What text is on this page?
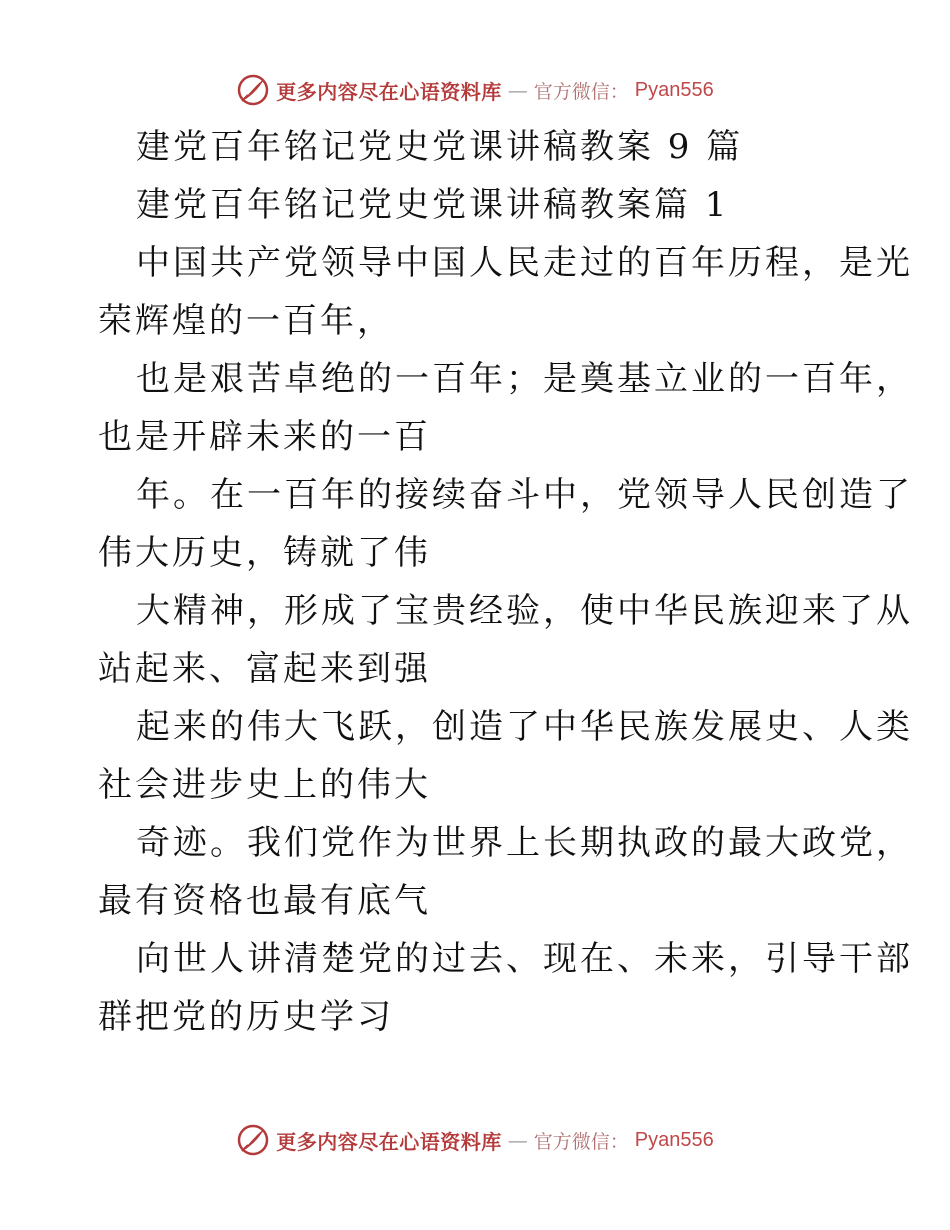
更多内容尽在心语资料库 — 官方微信： Pyan556
建党百年铭记党史党课讲稿教案 9 篇
建党百年铭记党史党课讲稿教案篇 1
中国共产党领导中国人民走过的百年历程，是光
荣辉煌的一百年，
也是艰苦卓绝的一百年；是奠基立业的一百年，
也是开辟未来的一百
年。在一百年的接续奋斗中，党领导人民创造了
伟大历史，铸就了伟
大精神，形成了宝贵经验，使中华民族迎来了从
站起来、富起来到强
起来的伟大飞跃，创造了中华民族发展史、人类
社会进步史上的伟大
奇迹。我们党作为世界上长期执政的最大政党，
最有资格也最有底气
向世人讲清楚党的过去、现在、未来，引导干部
群把党的历史学习
更多内容尽在心语资料库 — 官方微信： Pyan556
